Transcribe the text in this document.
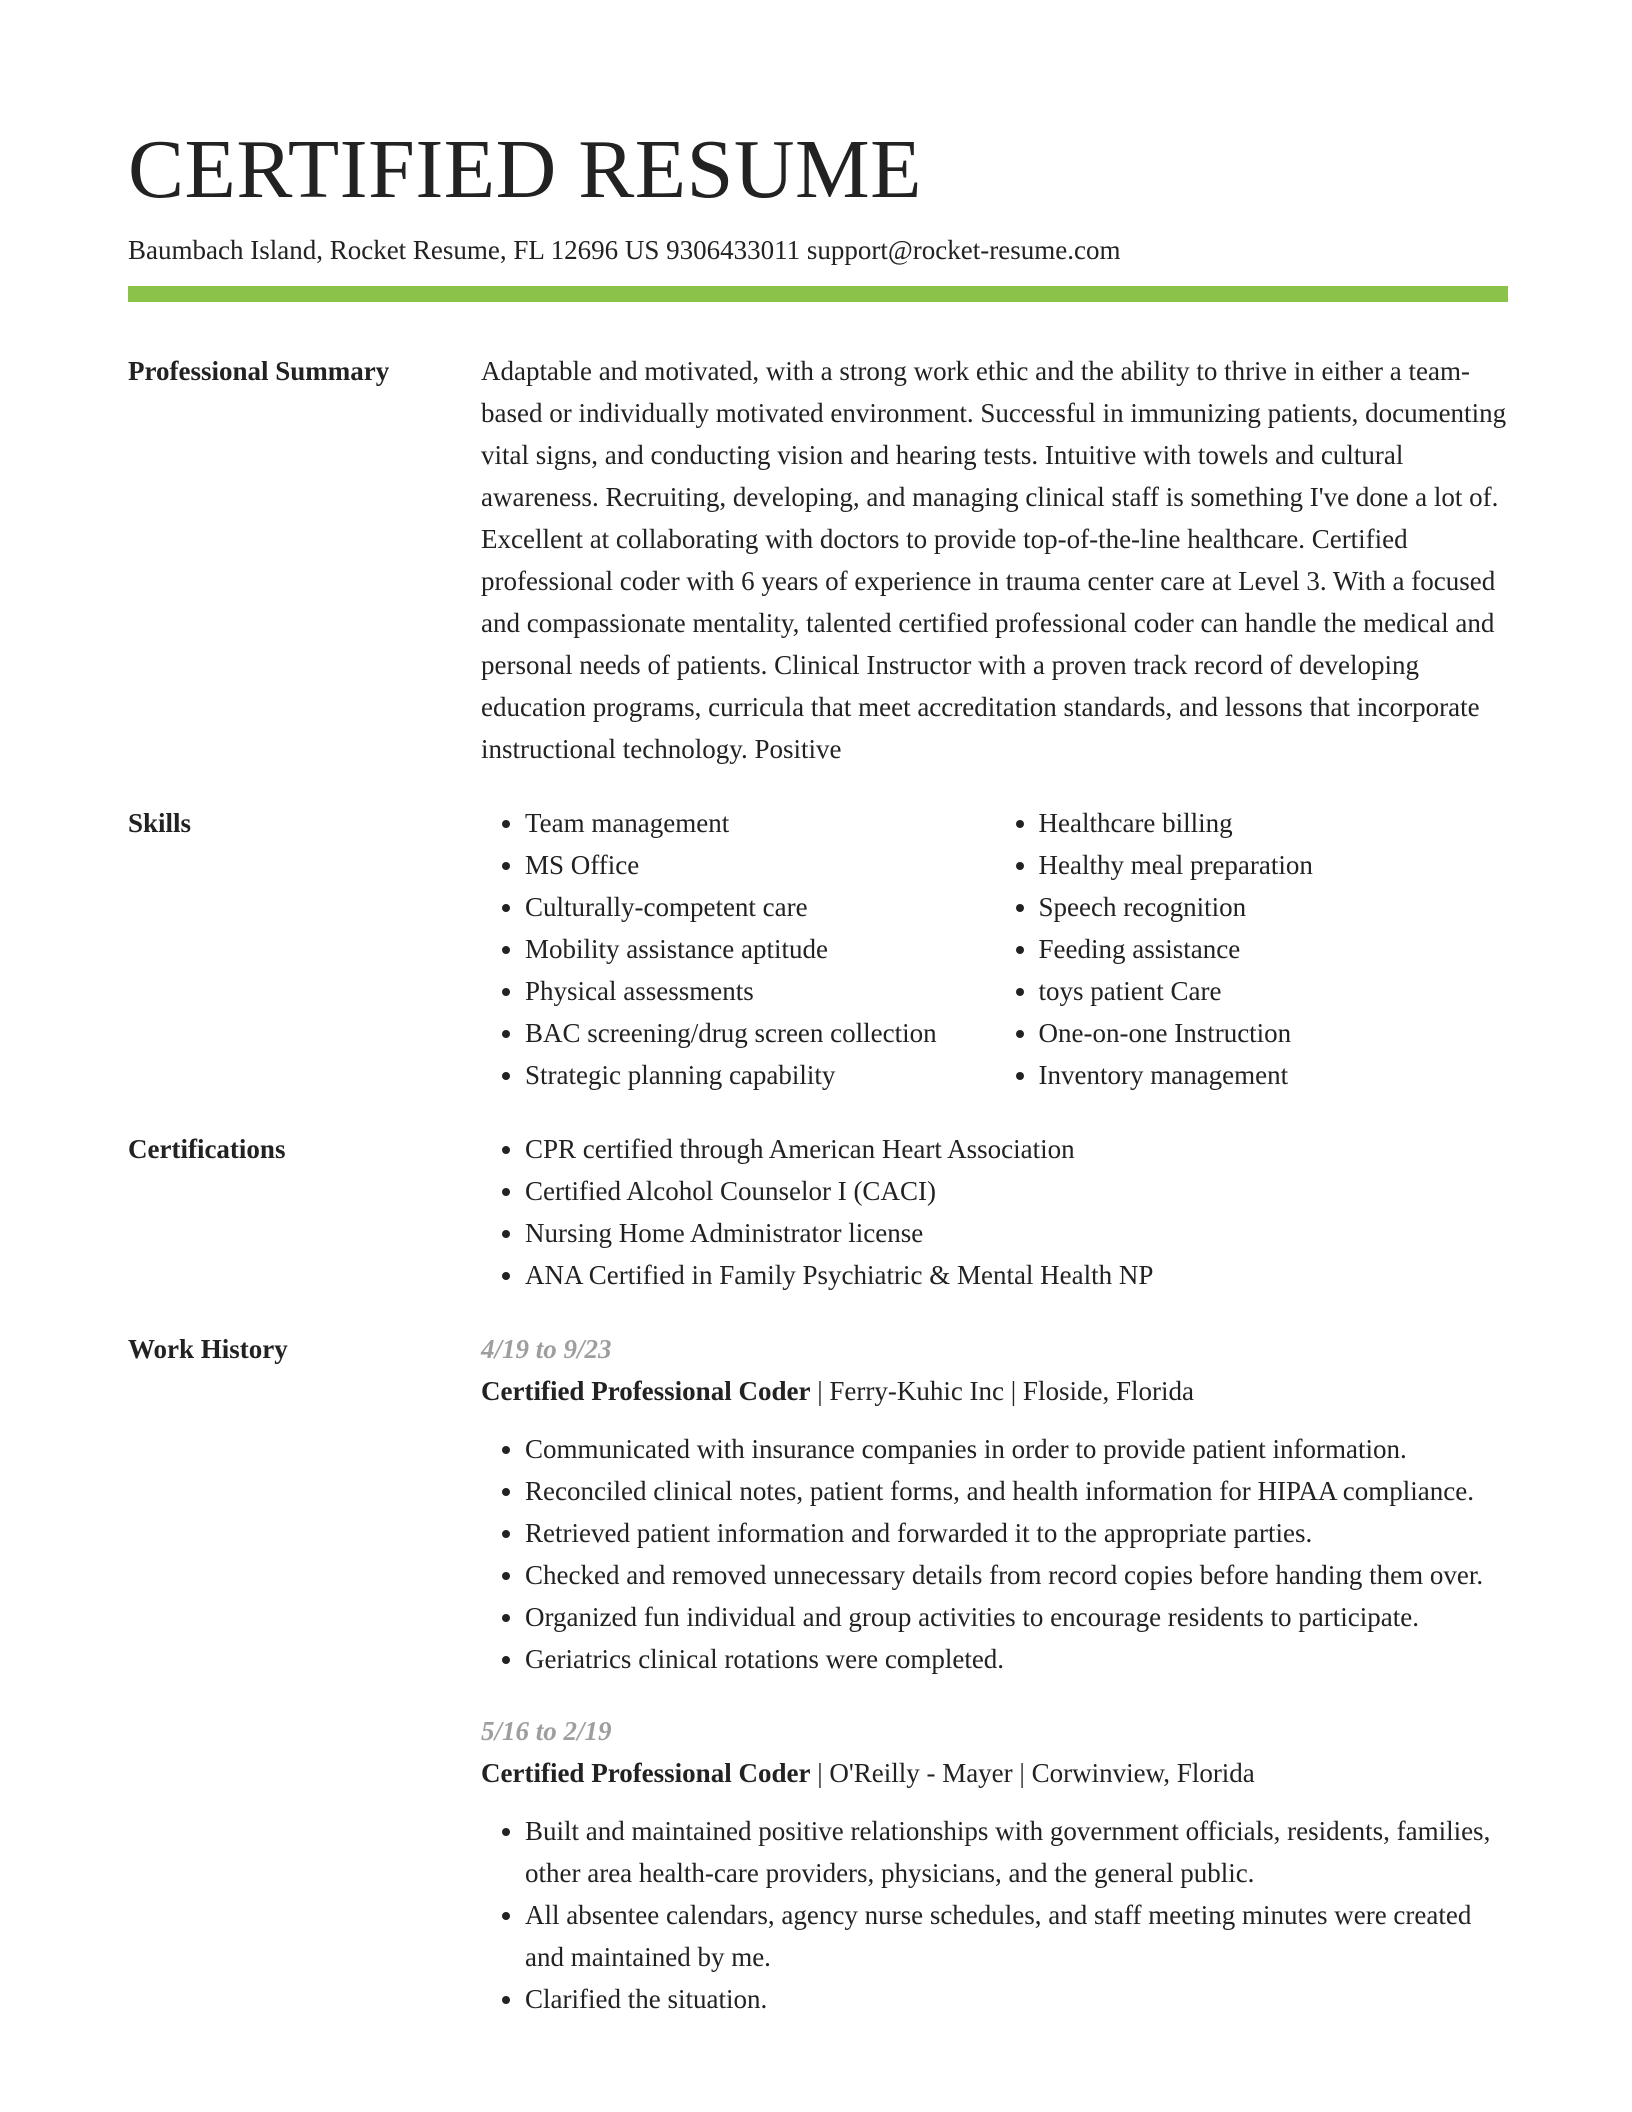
CERTIFIED RESUME
Baumbach Island, Rocket Resume, FL 12696 US 9306433011 support@rocket-resume.com
Professional Summary	Adaptable and motivated, with a strong work ethic and the ability to thrive in either a team-based or individually motivated environment. Successful in immunizing patients, documenting vital signs, and conducting vision and hearing tests. Intuitive with towels and cultural awareness. Recruiting, developing, and managing clinical staff is something I've done a lot of. Excellent at collaborating with doctors to provide top-of-the-line healthcare. Certified professional coder with 6 years of experience in trauma center care at Level 3. With a focused and compassionate mentality, talented certified professional coder can handle the medical and personal needs of patients. Clinical Instructor with a proven track record of developing education programs, curricula that meet accreditation standards, and lessons that incorporate instructional technology. Positive

Skills	• Team management
• MS Office
• Culturally-competent care
• Mobility assistance aptitude
• Physical assessments
• BAC screening/drug screen collection
• Strategic planning capability
• Healthcare billing
• Healthy meal preparation
• Speech recognition
• Feeding assistance
• toys patient Care
• One-on-one Instruction
• Inventory management
Certifications	• CPR certified through American Heart Association
• Certified Alcohol Counselor I (CACI)
• Nursing Home Administrator license
• ANA Certified in Family Psychiatric & Mental Health NP
Work History	4/19 to 9/23
Certified Professional Coder | Ferry-Kuhic Inc | Floside, Florida
• Communicated with insurance companies in order to provide patient information.
• Reconciled clinical notes, patient forms, and health information for HIPAA compliance.
• Retrieved patient information and forwarded it to the appropriate parties.
• Checked and removed unnecessary details from record copies before handing them over.
• Organized fun individual and group activities to encourage residents to participate.
• Geriatrics clinical rotations were completed.
5/16 to 2/19
Certified Professional Coder | O'Reilly - Mayer | Corwinview, Florida
• Built and maintained positive relationships with government officials, residents, families, other area health-care providers, physicians, and the general public.
• All absentee calendars, agency nurse schedules, and staff meeting minutes were created and maintained by me.
• Clarified the situation.
